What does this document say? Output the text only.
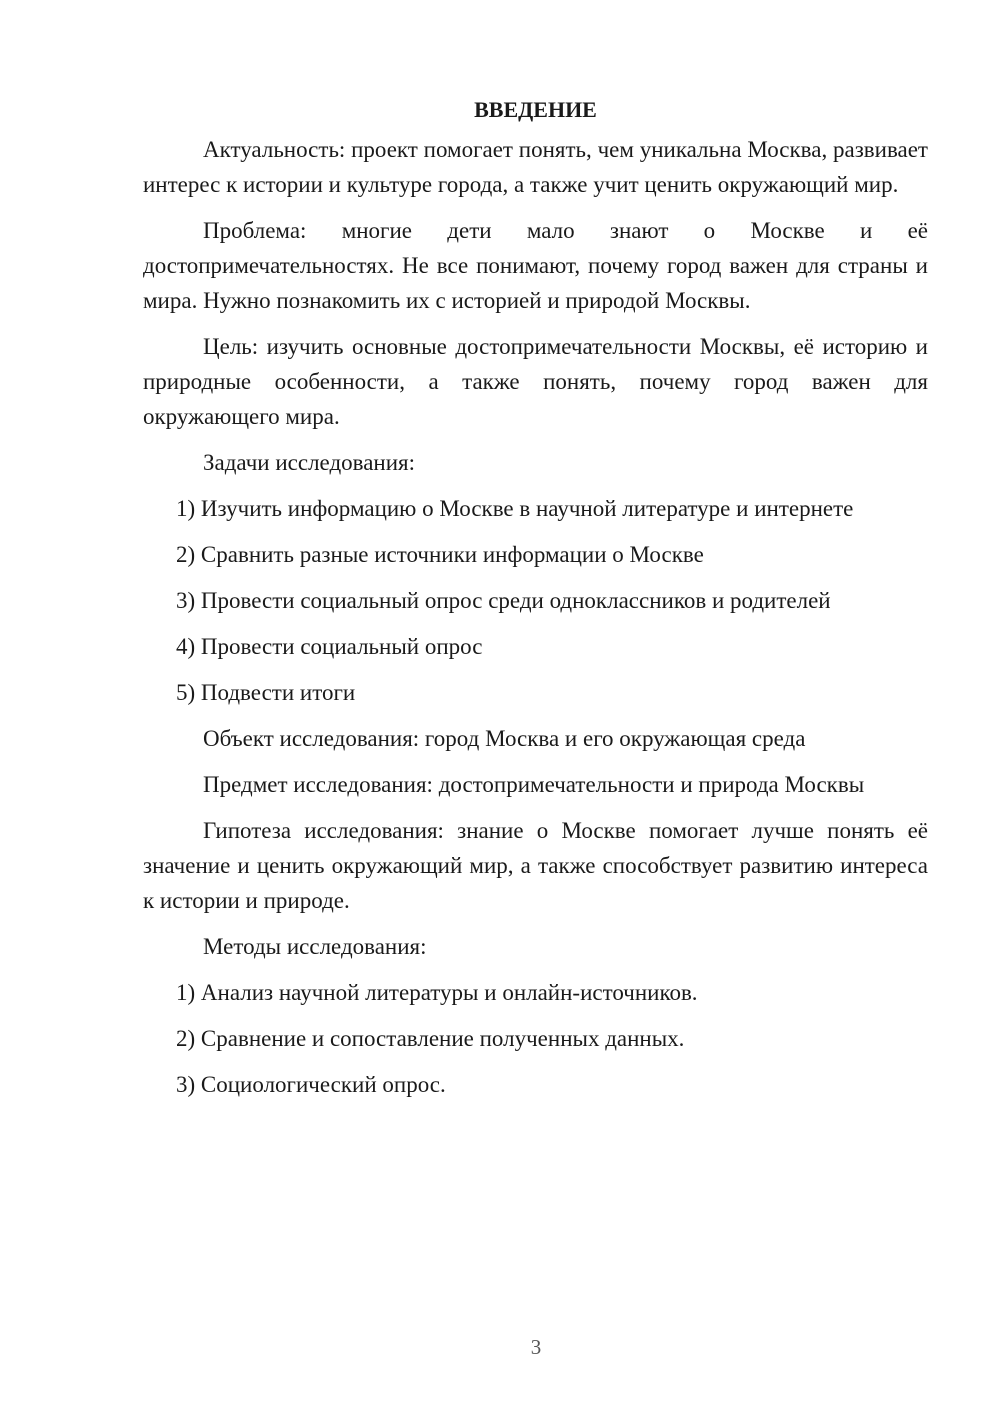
ВВЕДЕНИЕ
Актуальность: проект помогает понять, чем уникальна Москва, развивает интерес к истории и культуре города, а также учит ценить окружающий мир.
Проблема: многие дети мало знают о Москве и её достопримечательностях. Не все понимают, почему город важен для страны и мира. Нужно познакомить их с историей и природой Москвы.
Цель: изучить основные достопримечательности Москвы, её историю и природные особенности, а также понять, почему город важен для окружающего мира.
Задачи исследования:
1) Изучить информацию о Москве в научной литературе и интернете
2) Сравнить разные источники информации о Москве
3) Провести социальный опрос среди одноклассников и родителей
4) Провести социальный опрос
5) Подвести итоги
Объект исследования: город Москва и его окружающая среда
Предмет исследования: достопримечательности и природа Москвы
Гипотеза исследования: знание о Москве помогает лучше понять её значение и ценить окружающий мир, а также способствует развитию интереса к истории и природе.
Методы исследования:
1) Анализ научной литературы и онлайн-источников.
2) Сравнение и сопоставление полученных данных.
3) Социологический опрос.
3
